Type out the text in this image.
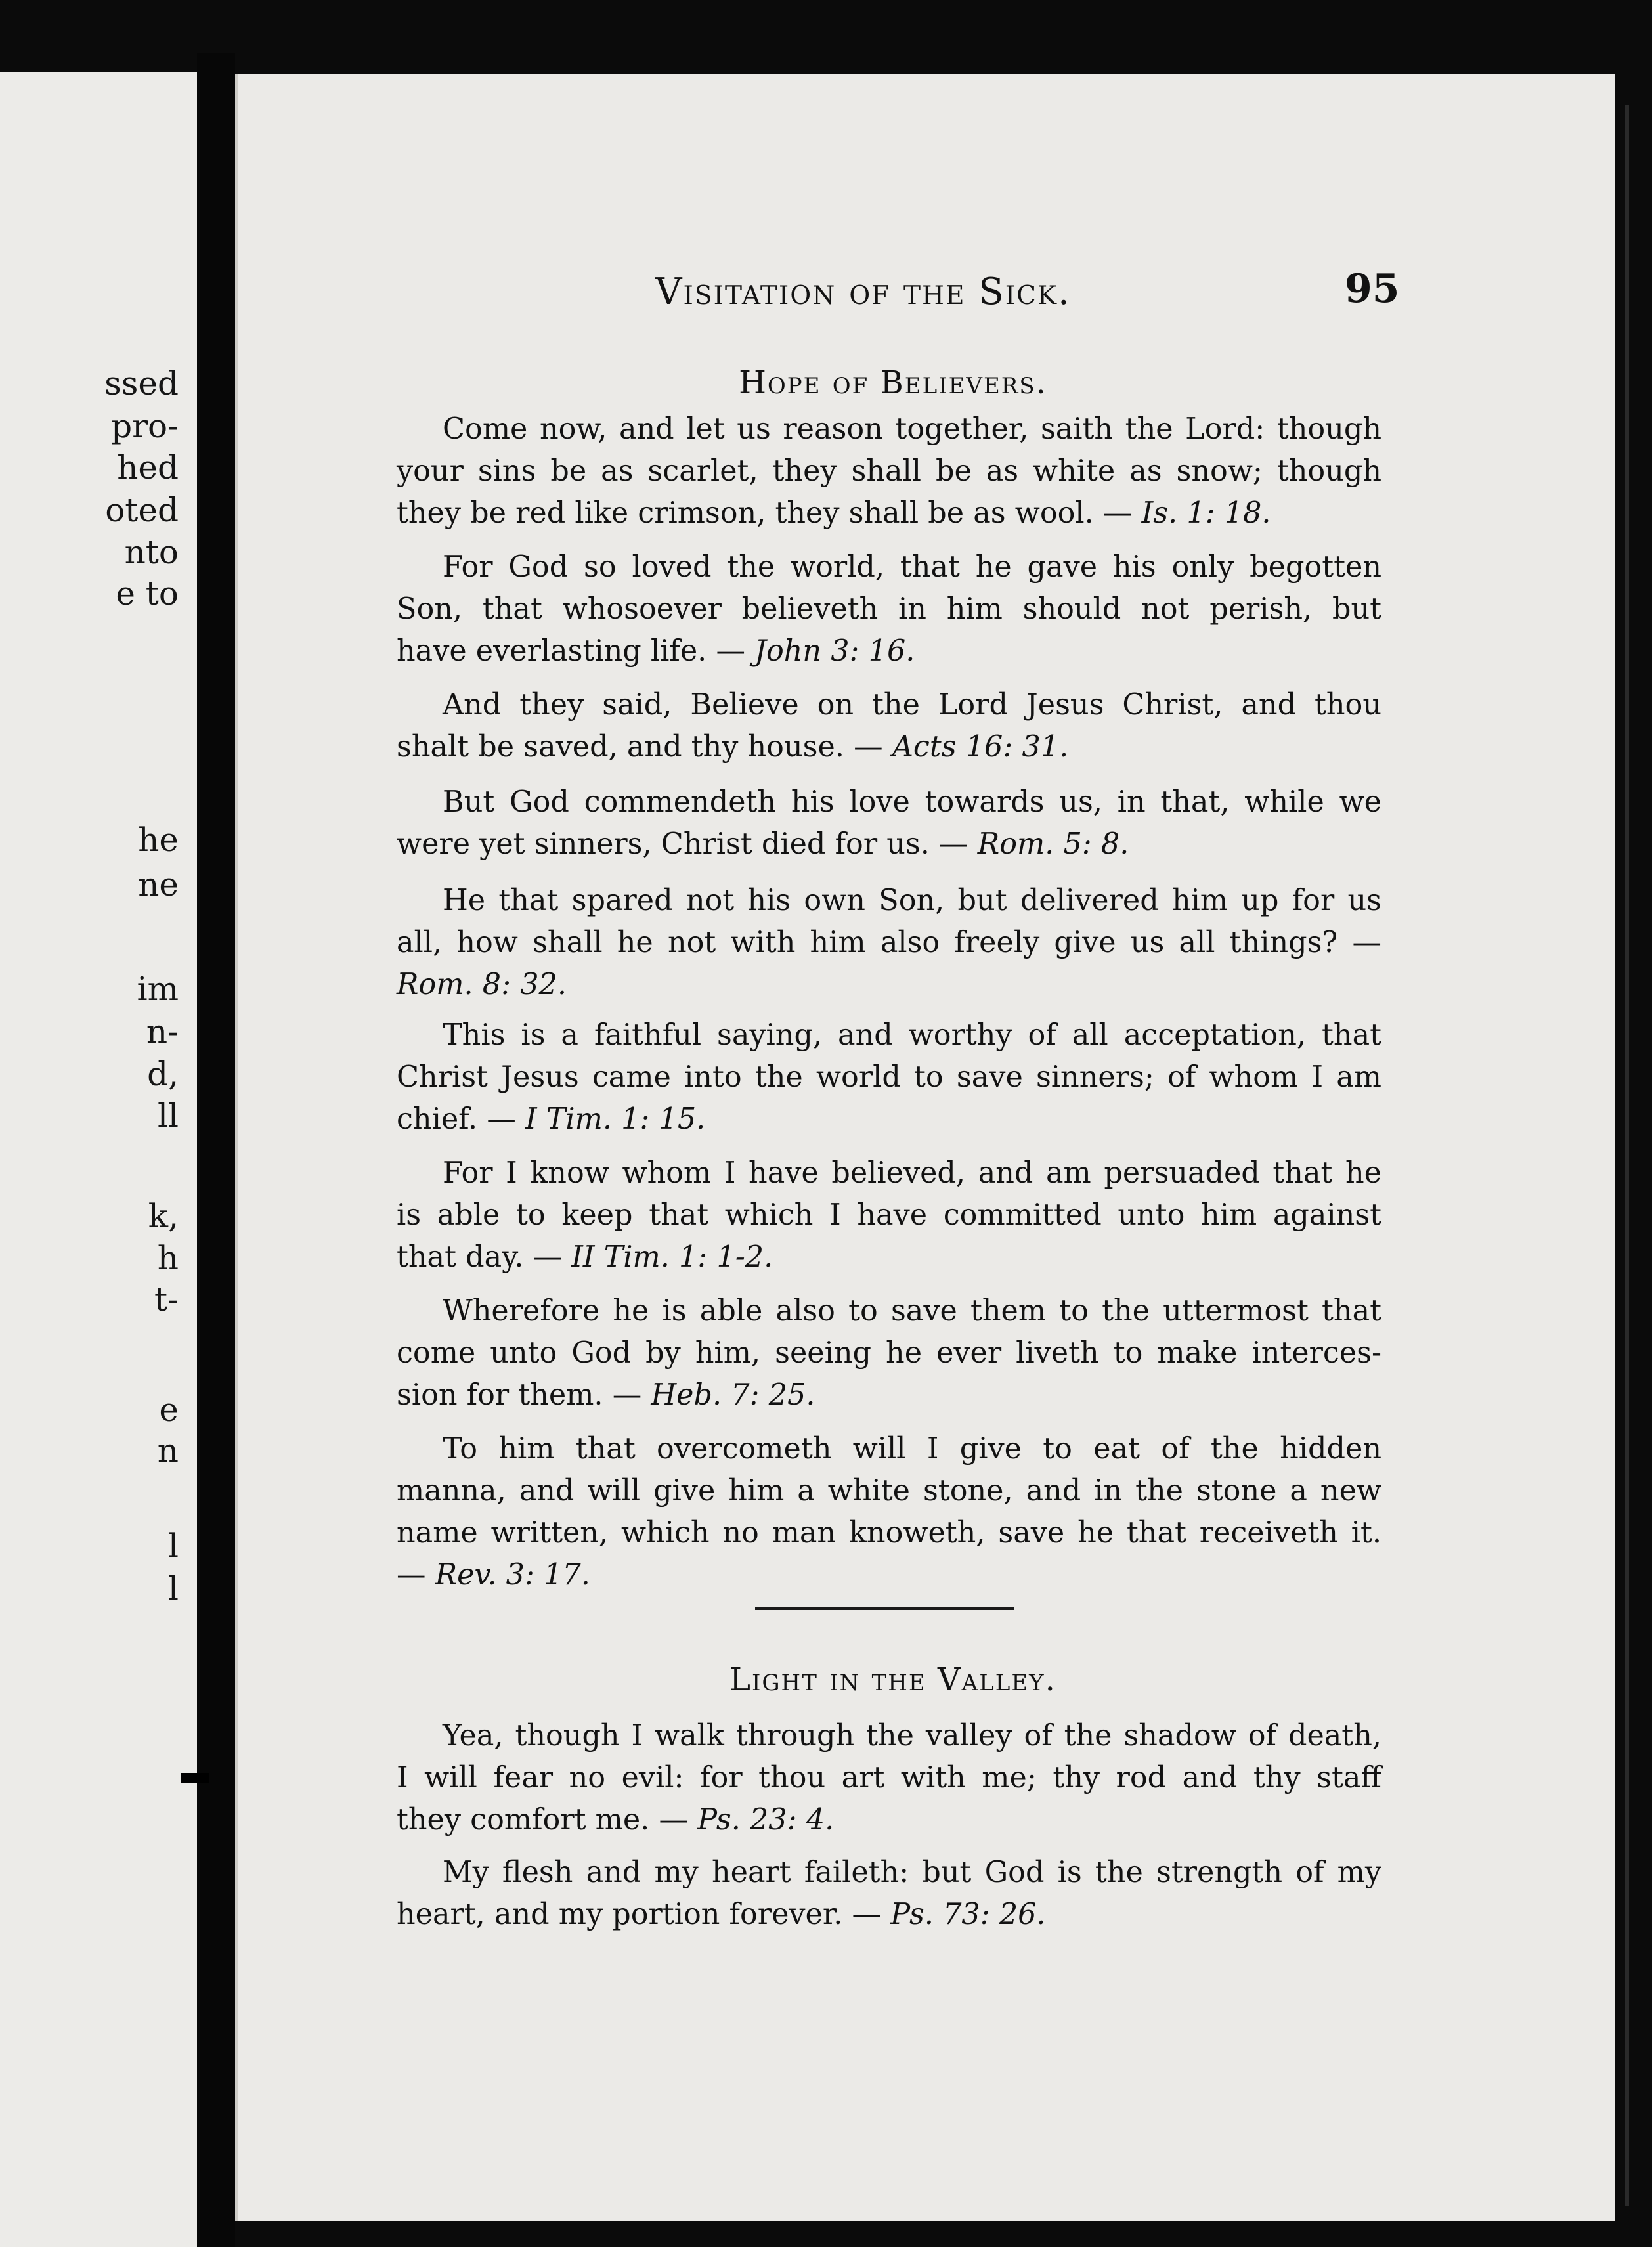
ssed
pro-
hed
oted
nto
e to
he
ne
im
n-
d,
ll
k,
h
t-
e
n
l
l
Visitation of the Sick.	95
Hope of Believers.
Come now, and let us reason together, saith the Lord: though
your sins be as scarlet, they shall be as white as snow; though
they be red like crimson, they shall be as wool. — Is. 1: 18.
For God so loved the world, that he gave his only begotten
Son, that whosoever believeth in him should not perish, but
have everlasting life. — John 3: 16.
And they said, Believe on the Lord Jesus Christ, and thou
shalt be saved, and thy house. — Acts 16: 31.
But God commendeth his love towards us, in that, while we
were yet sinners, Christ died for us. — Rom. 5: 8.
He that spared not his own Son, but delivered him up for us
all, how shall he not with him also freely give us all things? —
Rom. 8: 32.
This is a faithful saying, and worthy of all acceptation, that
Christ Jesus came into the world to save sinners; of whom I am
chief. — I Tim. 1: 15.
For I know whom I have believed, and am persuaded that he
is able to keep that which I have committed unto him against
that day. — II Tim. 1: 1-2.
Wherefore he is able also to save them to the uttermost that
come unto God by him, seeing he ever liveth to make interces-
sion for them. — Heb. 7: 25.
To him that overcometh will I give to eat of the hidden
manna, and will give him a white stone, and in the stone a new
name written, which no man knoweth, save he that receiveth it.
— Rev. 3: 17.
Light in the Valley.
Yea, though I walk through the valley of the shadow of death,
I will fear no evil: for thou art with me; thy rod and thy staff
they comfort me. — Ps. 23: 4.
My flesh and my heart faileth: but God is the strength of my
heart, and my portion forever. — Ps. 73: 26.
